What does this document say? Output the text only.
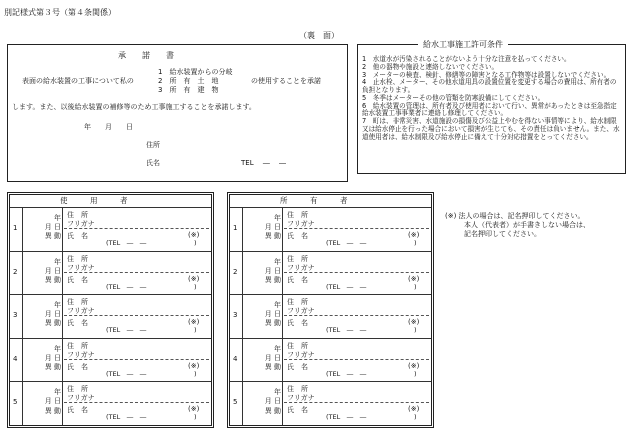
別記様式第３号（第４条関係）
（裏　面）
承　　諾　　書
表面の給水装置の工事について私の
1　給水装置からの分岐
2　所　有　土　地
3　所　有　建　物
の使用することを承諾
します。また、以後給水装置の補修等のため工事施工することを承諾します。
年　　月　　日
住所
氏名	TEL　 ―　 ―
給水工事施工許可条件
1　水道水が汚染されることがないよう十分な注意を払ってください。
2　他の器物や施設と連絡しないでください。
3　メーターの検査、検針、修繕等の障害となる工作物等は設置しないでください。
4　止水栓、メーター、その他水道用具の設置位置を変更する場合の費用は、所有者の負担となります。
5　冬季はメーターその他の管類を防寒設備にしてください。
6　給水装置の管理は、所有者及び使用者において行い、異常があったときは至急指定給水装置工事事業者に連絡し修理してください。
7　町は、非常災害、水道施設の損傷及び公益上やむを得ない事情等により、給水制限又は給水停止を行った場合において損害が生じても、その責任は負いません。また、水道使用者は、給水制限及び給水停止に備えて十分対応措置をとってください。
使　　　用　　　者
1
年
月 日
異 動
住　所
フリガナ
氏　名	(※)
(TEL　―　―	)
2
年
月 日
異 動
住　所
フリガナ
氏　名	(※)
(TEL　―　―	)
3
年
月 日
異 動
住　所
フリガナ
氏　名	(※)
(TEL　―　―	)
4
年
月 日
異 動
住　所
フリガナ
氏　名	(※)
(TEL　―　―	)
5
年
月 日
異 動
住　所
フリガナ
氏　名	(※)
(TEL　―　―	)
所　　　有　　　者
1
年
月 日
異 動
住　所
フリガナ
氏　名	(※)
(TEL　―　―	)
2
年
月 日
異 動
住　所
フリガナ
氏　名	(※)
(TEL　―　―	)
3
年
月 日
異 動
住　所
フリガナ
氏　名	(※)
(TEL　―　―	)
4
年
月 日
異 動
住　所
フリガナ
氏　名	(※)
(TEL　―　―	)
5
年
月 日
異 動
住　所
フリガナ
氏　名	(※)
(TEL　―　―	)
(※) 法人の場合は、記名押印してください。
本人（代表者）が手書きしない場合は、
記名押印してください。
